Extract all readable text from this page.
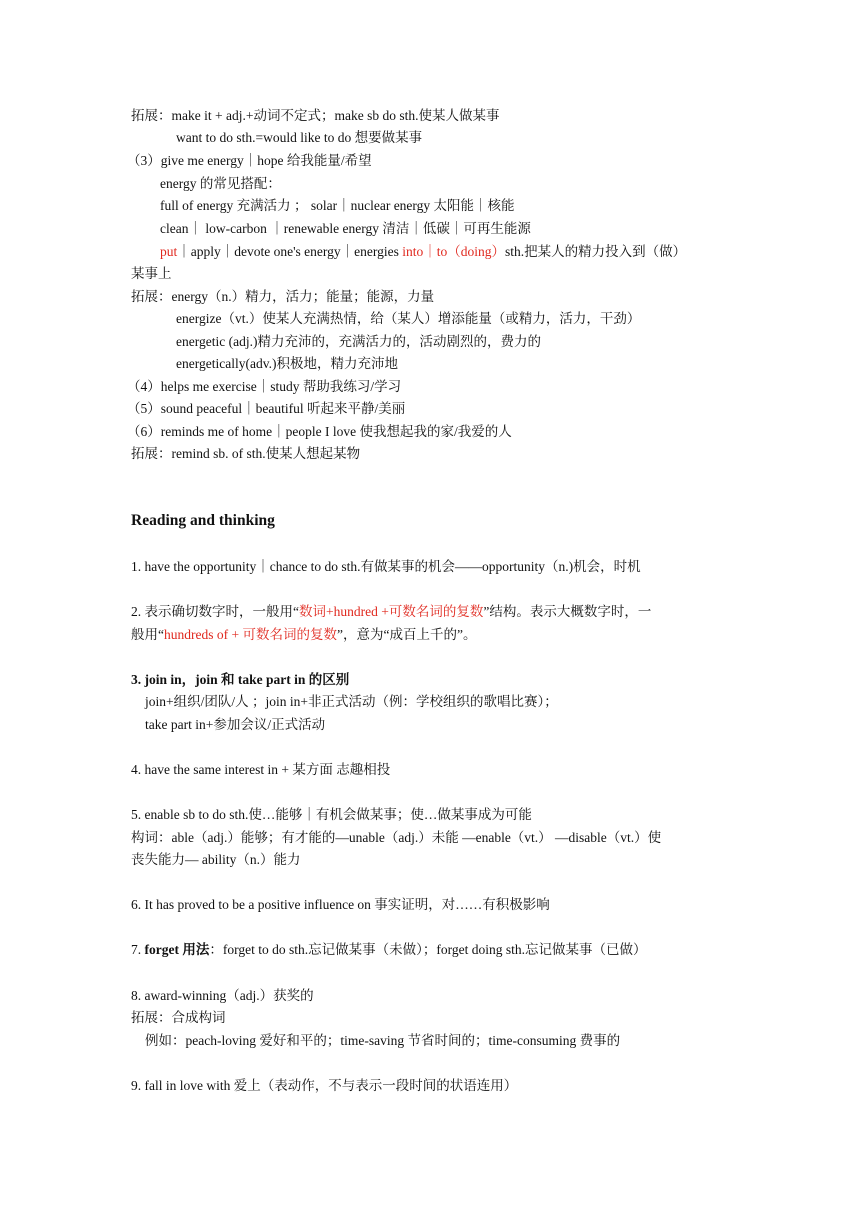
拓展：make it + adj.+动词不定式；make sb do sth.使某人做某事
want to do sth.=would like to do 想要做某事
（3）give me energy｜hope 给我能量/希望
energy 的常见搭配：
full of energy 充满活力 ； solar｜nuclear energy 太阳能｜核能
clean｜ low-carbon ｜renewable energy 清洁｜低碳｜可再生能源
put｜apply｜devote one's energy｜energies into｜to（doing）sth.把某人的精力投入到（做）
某事上
拓展：energy（n.）精力，活力；能量；能源，力量
energize（vt.）使某人充满热情，给（某人）增添能量（或精力，活力，干劲）
energetic (adj.)精力充沛的，充满活力的，活动剧烈的，费力的
energetically(adv.)积极地，精力充沛地
（4）helps me exercise｜study 帮助我练习/学习
（5）sound peaceful｜beautiful 听起来平静/美丽
（6）reminds me of home｜people I love 使我想起我的家/我爱的人
拓展：remind sb. of sth.使某人想起某物
Reading and thinking
1. have the opportunity｜chance to do sth.有做某事的机会——opportunity（n.)机会，时机
2. 表示确切数字时，一般用“数词+hundred +可数名词的复数”结构。表示大概数字时，一
般用“hundreds of + 可数名词的复数”，意为“成百上千的”。
3. join in，join 和 take part in 的区别
join+组织/团队/人 ；join in+非正式活动（例：学校组织的歌唱比赛）；
take part in+参加会议/正式活动
4. have the same interest in + 某方面 志趣相投
5. enable sb to do sth.使…能够｜有机会做某事；使…做某事成为可能
构词：able（adj.）能够；有才能的—unable（adj.）未能 —enable（vt.） —disable（vt.）使
丧失能力— ability（n.）能力
6. It has proved to be a positive influence on 事实证明，对……有积极影响
7. forget 用法：forget to do sth.忘记做某事（未做）；forget doing sth.忘记做某事（已做）
8. award-winning（adj.）获奖的
拓展：合成构词
例如：peach-loving 爱好和平的；time-saving 节省时间的；time-consuming 费事的
9. fall in love with 爱上（表动作，不与表示一段时间的状语连用）
